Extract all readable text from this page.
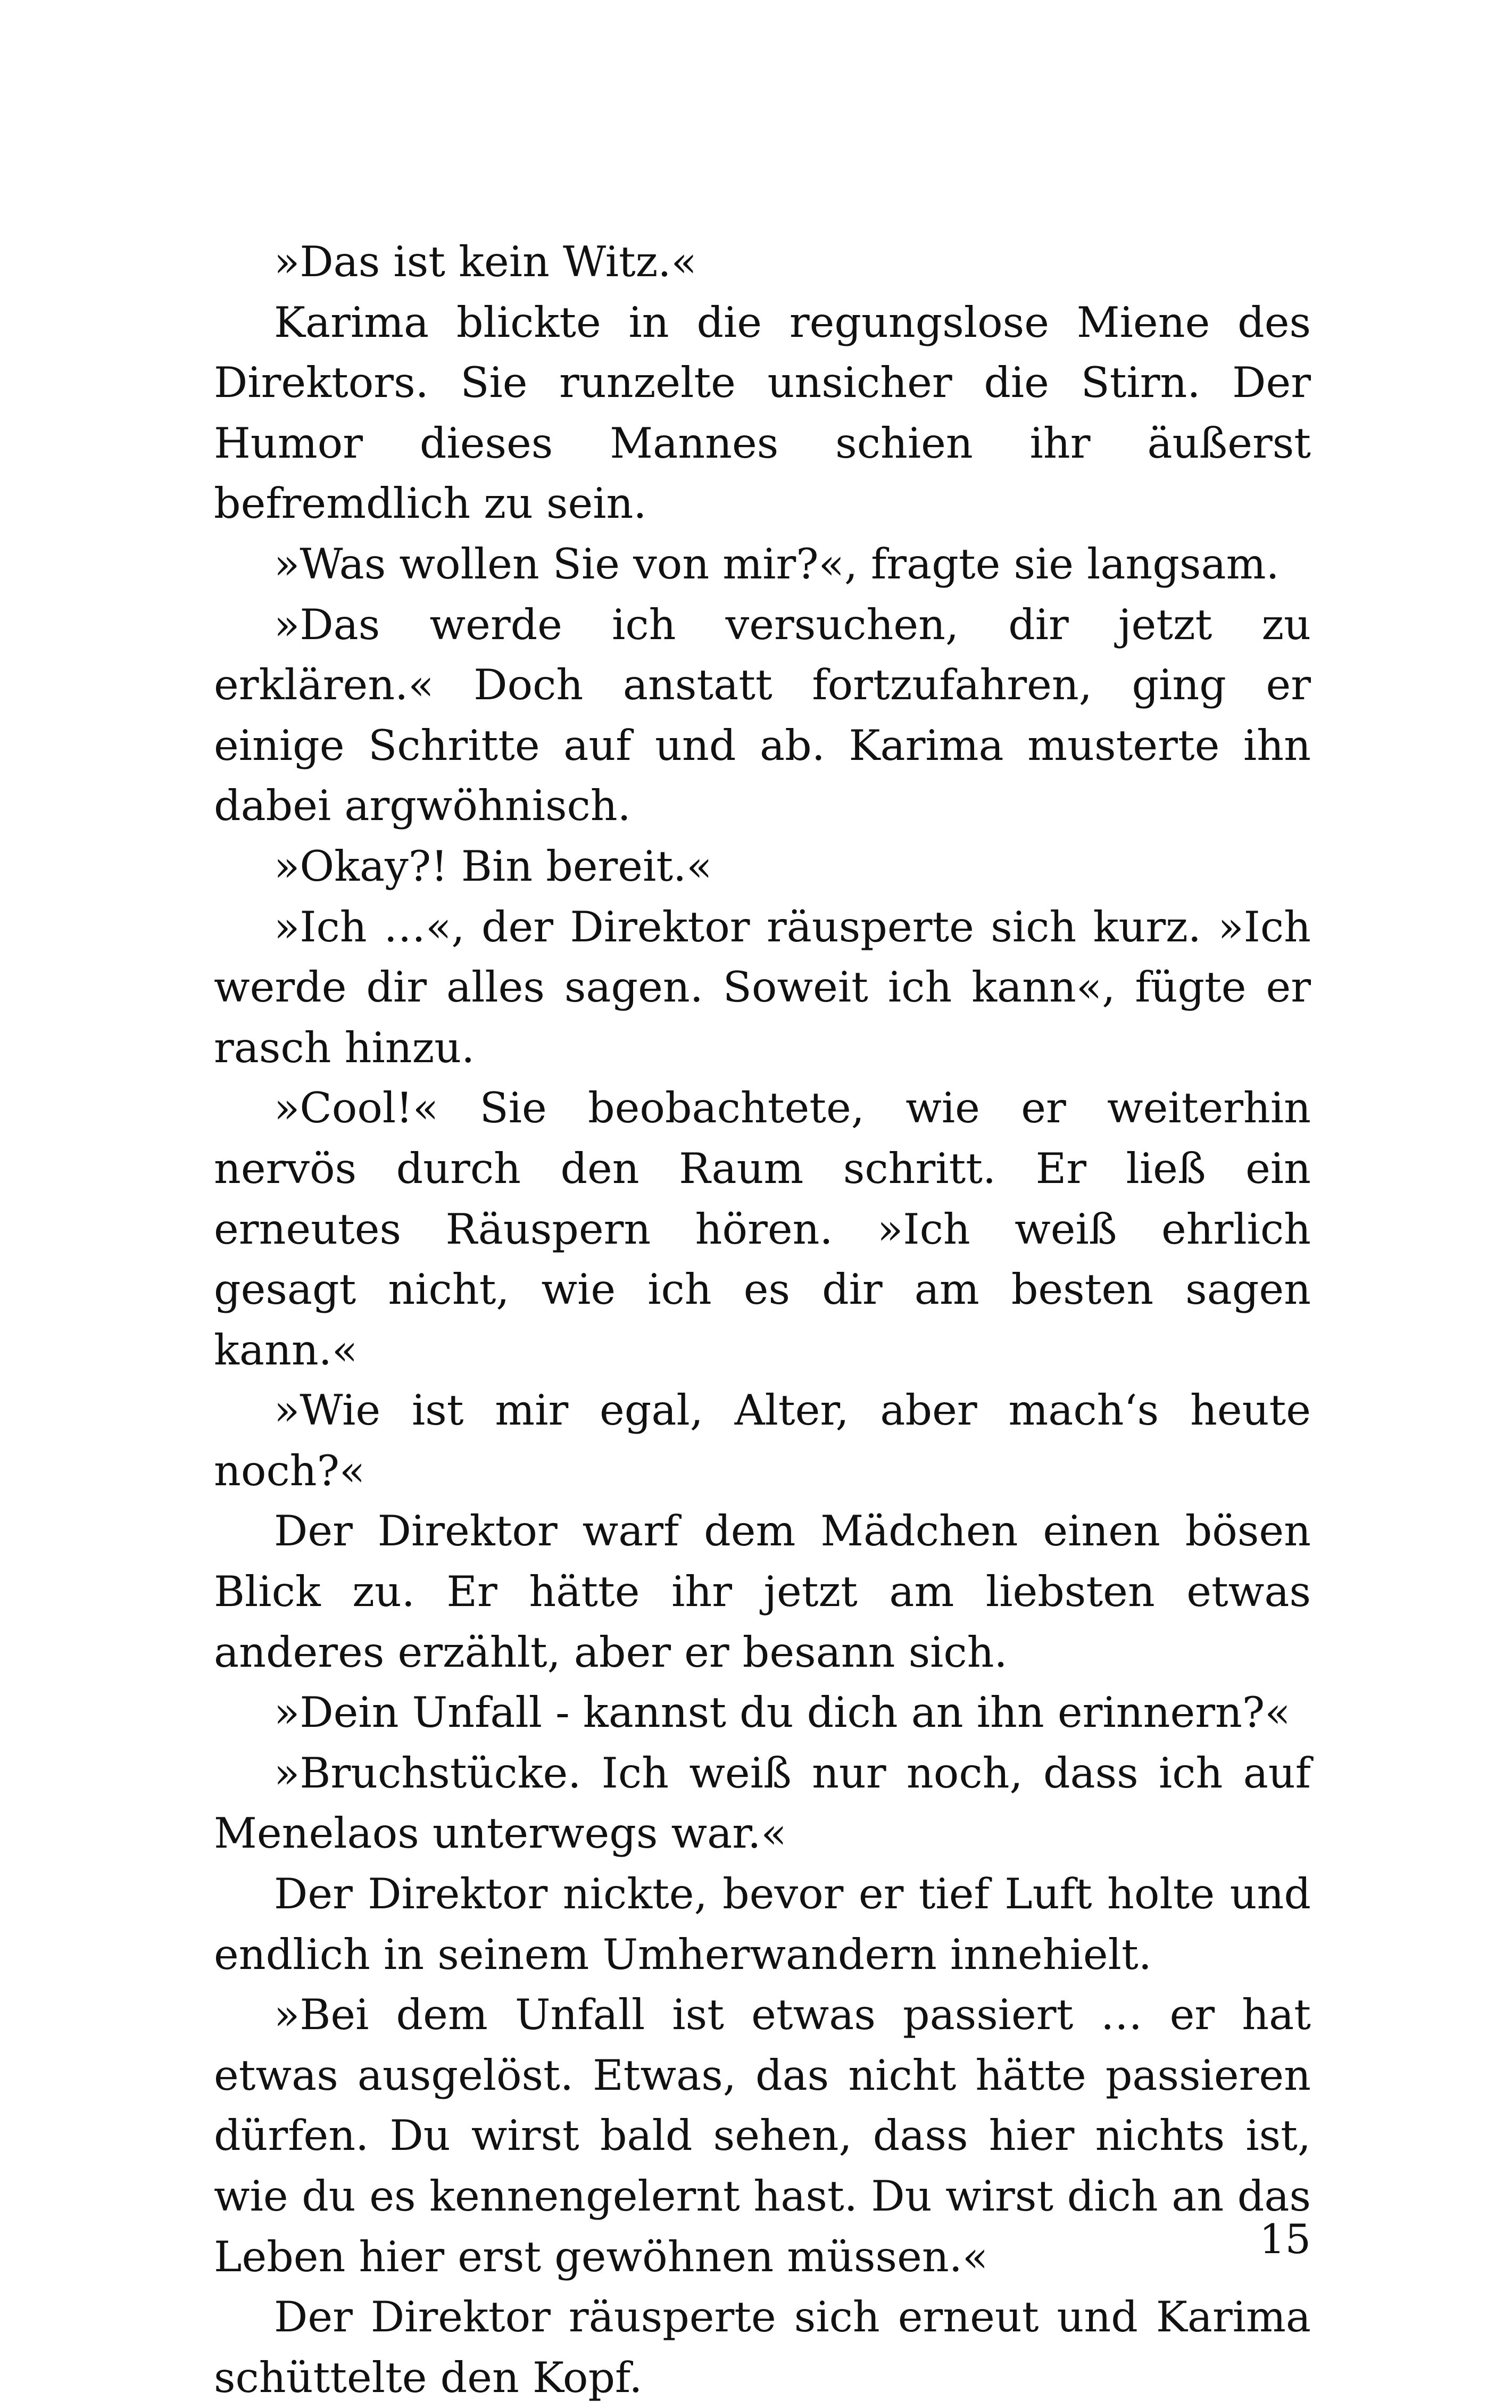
»Das ist kein Witz.«

Karima blickte in die regungslose Miene des Direktors. Sie runzelte unsicher die Stirn. Der Humor dieses Mannes schien ihr äußerst befremdlich zu sein.

»Was wollen Sie von mir?«, fragte sie langsam.

»Das werde ich versuchen, dir jetzt zu erklären.« Doch anstatt fortzufahren, ging er einige Schritte auf und ab. Karima musterte ihn dabei argwöhnisch.

»Okay?! Bin bereit.«

»Ich …«, der Direktor räusperte sich kurz. »Ich werde dir alles sagen. Soweit ich kann«, fügte er rasch hinzu.

»Cool!« Sie beobachtete, wie er weiterhin nervös durch den Raum schritt. Er ließ ein erneutes Räuspern hören. »Ich weiß ehrlich gesagt nicht, wie ich es dir am besten sagen kann.«

»Wie ist mir egal, Alter, aber mach‘s heute noch?«

Der Direktor warf dem Mädchen einen bösen Blick zu. Er hätte ihr jetzt am liebsten etwas anderes erzählt, aber er besann sich.

»Dein Unfall - kannst du dich an ihn erinnern?«

»Bruchstücke. Ich weiß nur noch, dass ich auf Menelaos unterwegs war.«

Der Direktor nickte, bevor er tief Luft holte und endlich in seinem Umherwandern innehielt.

»Bei dem Unfall ist etwas passiert … er hat etwas ausgelöst. Etwas, das nicht hätte passieren dürfen. Du wirst bald sehen, dass hier nichts ist, wie du es kennengelernt hast. Du wirst dich an das Leben hier erst gewöhnen müssen.«

Der Direktor räusperte sich erneut und Karima schüttelte den Kopf.

15
